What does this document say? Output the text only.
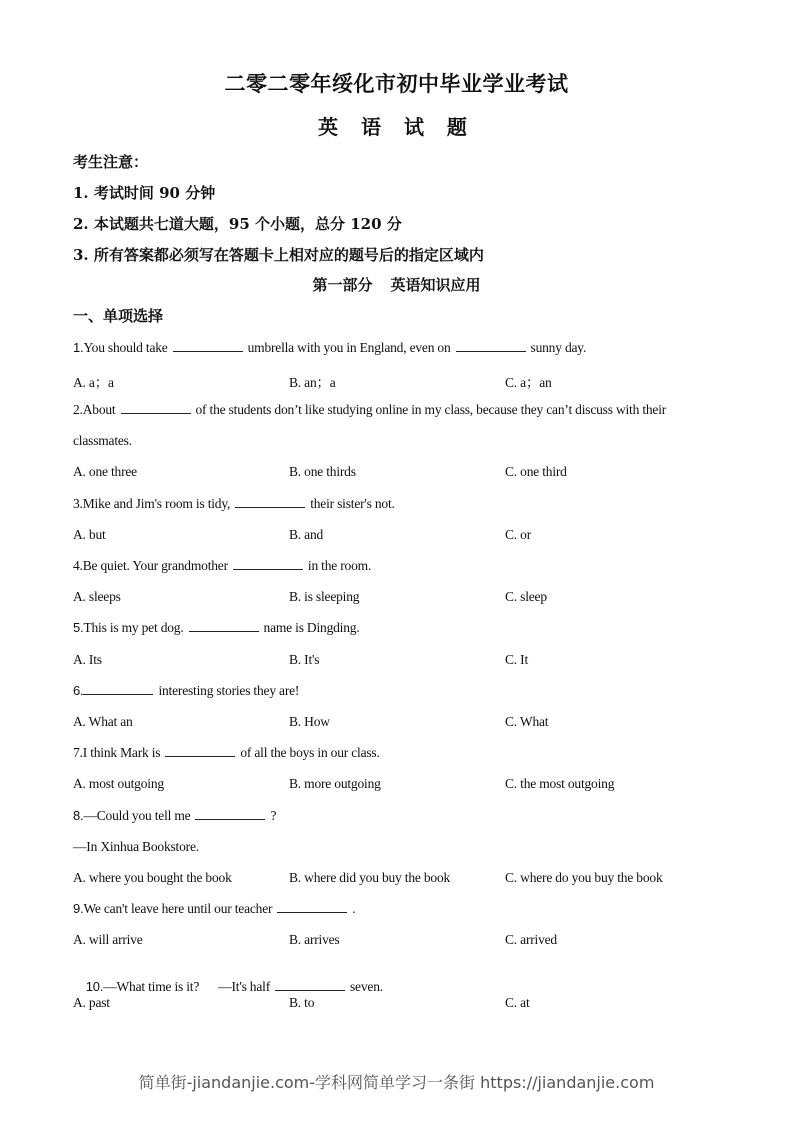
二零二零年绥化市初中毕业学业考试
英 语 试 题
考生注意：
1. 考试时间 90 分钟
2. 本试题共七道大题，95 个小题，总分 120 分
3. 所有答案都必须写在答题卡上相对应的题号后的指定区域内
第一部分 英语知识应用
一、单项选择
1.You should take	umbrella with you in England, even on	sunny day.
A. a；a	B. an；a	C. a；an
2.About	of the students don’t like studying online in my class, because they can’t discuss with their
classmates.
A. one three	B. one thirds	C. one third
3.Mike and Jim's room is tidy,	their sister's not.
A. but	B. and	C. or
4.Be quiet. Your grandmother	in the room.
A. sleeps	B. is sleeping	C. sleep
5.This is my pet dog.	name is Dingding.
A. Its	B. It's	C. It
6.	interesting stories they are!
A. What an	B. How	C. What
7.I think Mark is	of all the boys in our class.
A. most outgoing	B. more outgoing	C. the most outgoing
8.—Could you tell me	?
—In Xinhua Bookstore.
A. where you bought the book	B. where did you buy the book	C. where do you buy the book
9.We can't leave here until our teacher	.
A. will arrive	B. arrives	C. arrived

10.—What time is it?      —It's half	seven.

A. past	B. to	C. at
简单街-jiandanjie.com-学科网简单学习一条街 https://jiandanjie.com
